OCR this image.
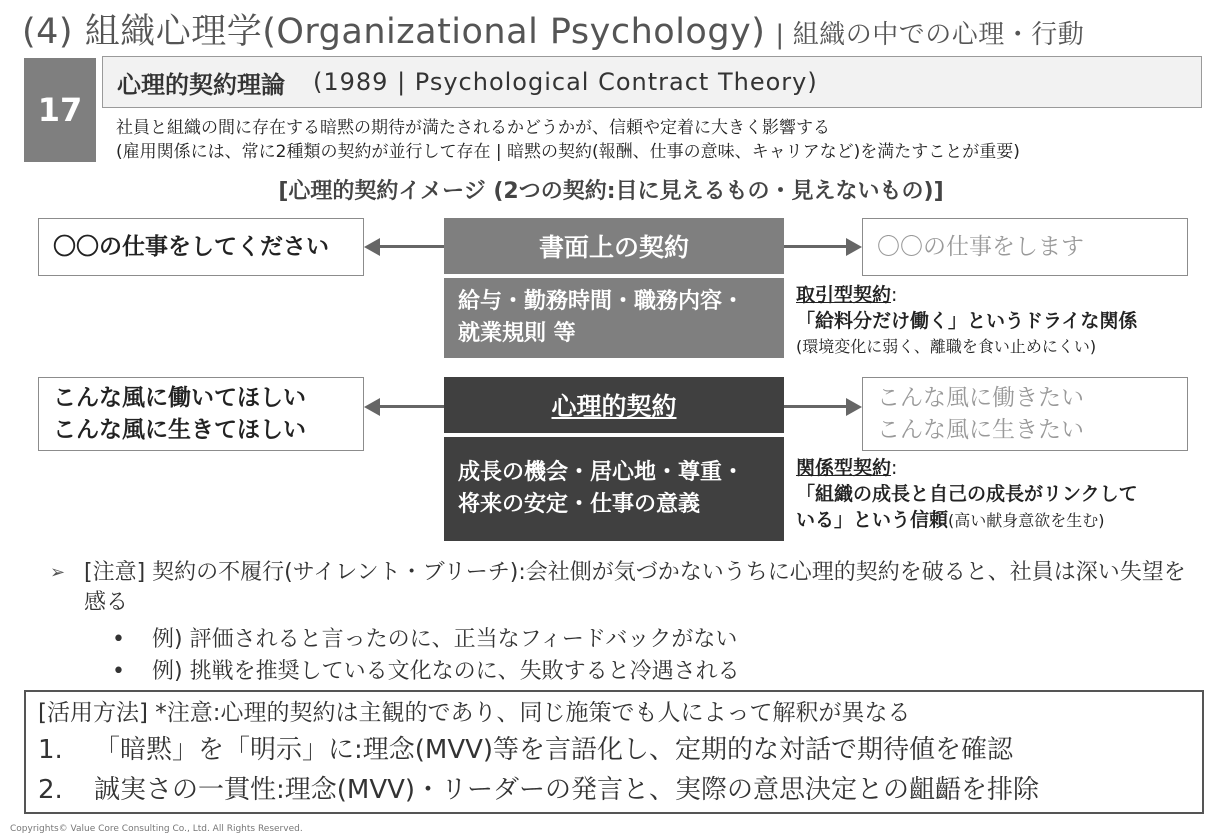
(4) 組織心理学(Organizational Psychology) | 組織の中での心理・行動
17
心理的契約理論 (1989 | Psychological Contract Theory)
社員と組織の間に存在する暗黙の期待が満たされるかどうかが、信頼や定着に大きく影響する
(雇用関係には、常に2種類の契約が並行して存在 | 暗黙の契約(報酬、仕事の意味、キャリアなど)を満たすことが重要)
[心理的契約イメージ (2つの契約:目に見えるもの・見えないもの)]
〇〇の仕事をしてください	書面上の契約
給与・勤務時間・職務内容・
就業規則 等
〇〇の仕事をします
取引型契約:
「給料分だけ働く」というドライな関係
(環境変化に弱く、離職を食い止めにくい)
こんな風に働いてほしい
こんな風に生きてほしい
心理的契約
成長の機会・居心地・尊重・
将来の安定・仕事の意義
こんな風に働きたい
こんな風に生きたい
関係型契約:
「組織の成長と自己の成長がリンクして
いる」という信頼(高い献身意欲を生む)
➢ [注意] 契約の不履行(サイレント・ブリーチ):会社側が気づかないうちに心理的契約を破ると、社員は深い失望を感る
• 例) 評価されると言ったのに、正当なフィードバックがない
• 例) 挑戦を推奨している文化なのに、失敗すると冷遇される
[活用方法] *注意:心理的契約は主観的であり、同じ施策でも人によって解釈が異なる
1. 「暗黙」を「明示」に:理念(MVV)等を言語化し、定期的な対話で期待値を確認
2. 誠実さの一貫性:理念(MVV)・リーダーの発言と、実際の意思決定との齟齬を排除
Copyrights© Value Core Consulting Co., Ltd. All Rights Reserved.
